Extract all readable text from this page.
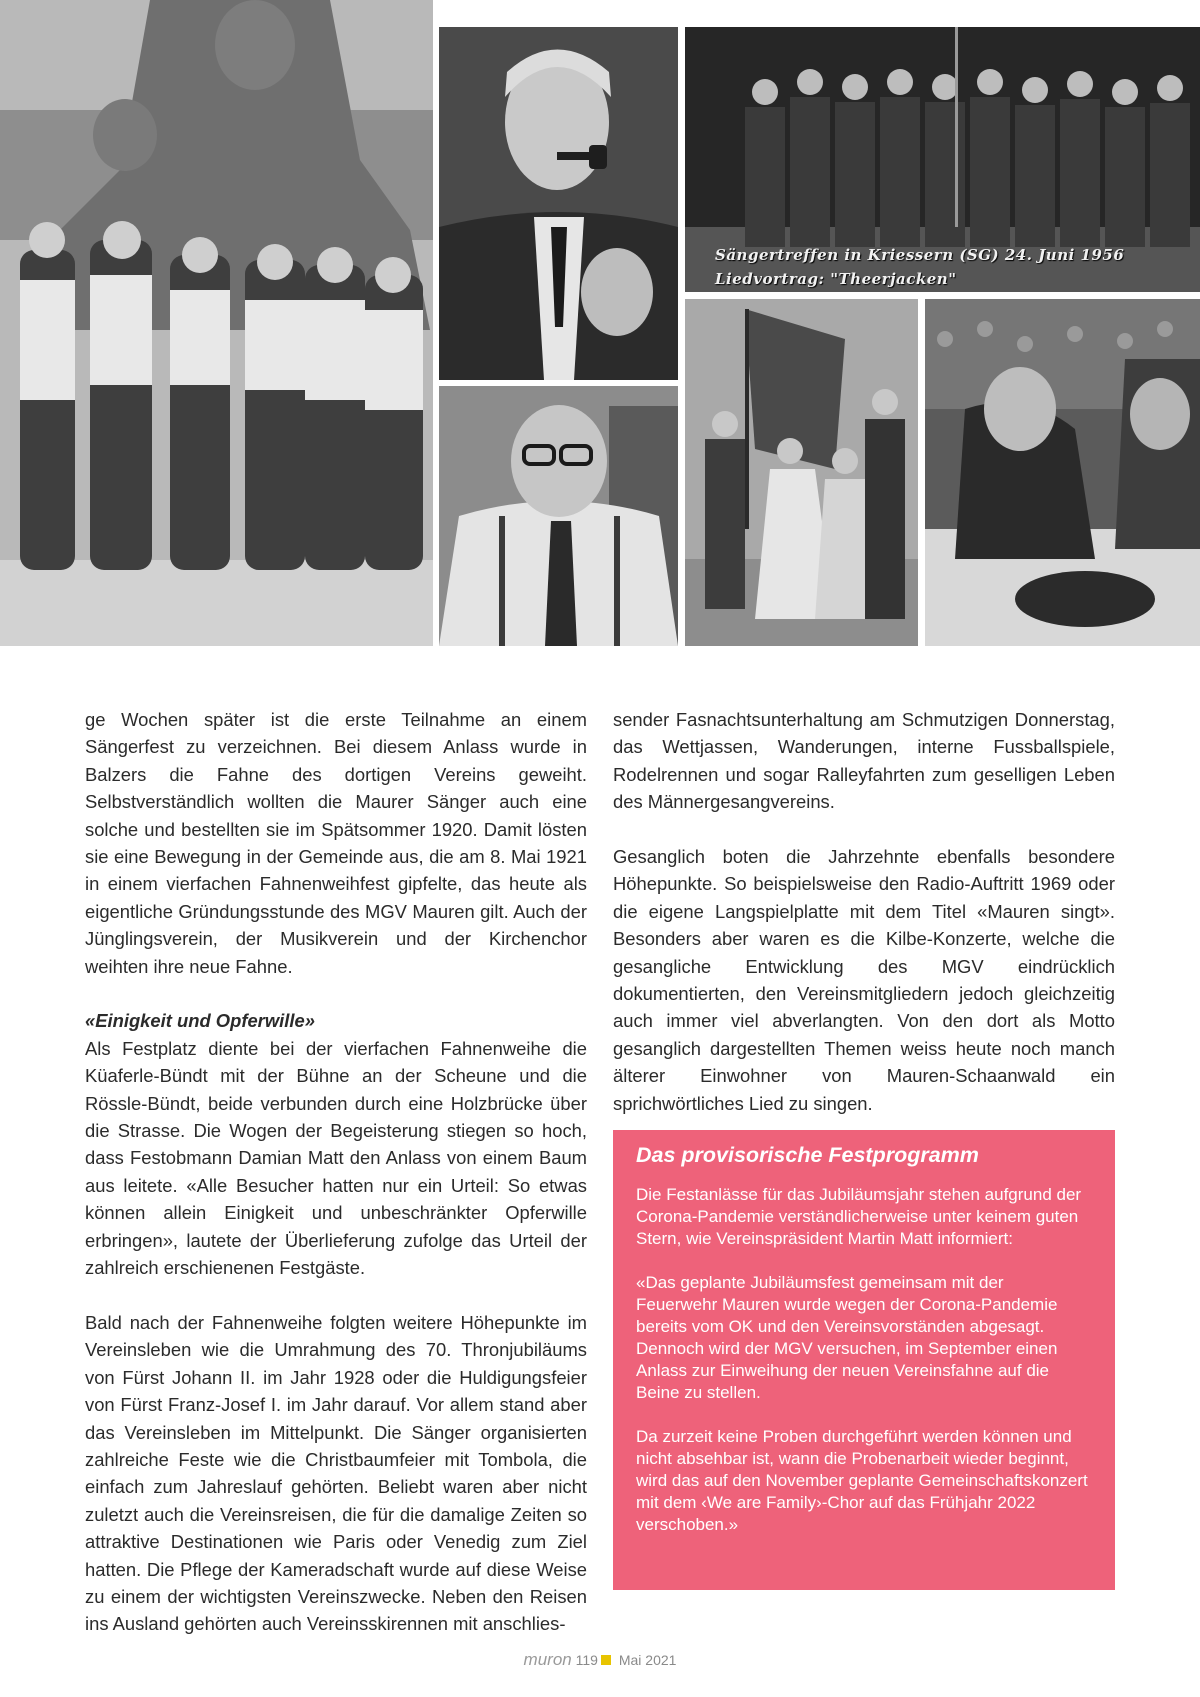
Sängertreffen in Kriessern (SG) 24. Juni 1956
Liedvortrag: "Theerjacken"

ge Wochen später ist die erste Teilnahme an einem Sängerfest zu verzeichnen. Bei diesem Anlass wurde in Balzers die Fahne des dortigen Vereins geweiht. Selbstverständlich wollten die Maurer Sänger auch eine solche und bestellten sie im Spätsommer 1920. Damit lösten sie eine Bewegung in der Gemeinde aus, die am 8. Mai 1921 in einem vierfachen Fahnenweihfest gipfelte, das heute als eigentliche Gründungsstunde des MGV Mauren gilt. Auch der Jünglingsverein, der Musikverein und der Kirchenchor weihten ihre neue Fahne.

«Einigkeit und Opferwille»

Als Festplatz diente bei der vierfachen Fahnenweihe die Küaferle-Bündt mit der Bühne an der Scheune und die Rössle-Bündt, beide verbunden durch eine Holzbrücke über die Strasse. Die Wogen der Begeisterung stiegen so hoch, dass Festobmann Damian Matt den Anlass von einem Baum aus leitete. «Alle Besucher hatten nur ein Urteil: So etwas können allein Einigkeit und unbeschränkter Opferwille erbringen», lautete der Überlieferung zufolge das Urteil der zahlreich erschienenen Festgäste.

Bald nach der Fahnenweihe folgten weitere Höhepunkte im Vereinsleben wie die Umrahmung des 70. Thronjubiläums von Fürst Johann II. im Jahr 1928 oder die Huldigungsfeier von Fürst Franz-Josef I. im Jahr darauf. Vor allem stand aber das Vereinsleben im Mittelpunkt. Die Sänger organisierten zahlreiche Feste wie die Christbaumfeier mit Tombola, die einfach zum Jahreslauf gehörten. Beliebt waren aber nicht zuletzt auch die Vereinsreisen, die für die damalige Zeiten so attraktive Destinationen wie Paris oder Venedig zum Ziel hatten. Die Pflege der Kameradschaft wurde auf diese Weise zu einem der wichtigsten Vereinszwecke. Neben den Reisen ins Ausland gehörten auch Vereinsskirennen mit anschlies-

sender Fasnachtsunterhaltung am Schmutzigen Donnerstag, das Wettjassen, Wanderungen, interne Fussballspiele, Rodelrennen und sogar Ralleyfahrten zum geselligen Leben des Männergesangvereins.

Gesanglich boten die Jahrzehnte ebenfalls besondere Höhepunkte. So beispielsweise den Radio-Auftritt 1969 oder die eigene Langspielplatte mit dem Titel «Mauren singt». Besonders aber waren es die Kilbe-Konzerte, welche die gesangliche Entwicklung des MGV eindrücklich dokumentierten, den Vereinsmitgliedern jedoch gleichzeitig auch immer viel abverlangten. Von den dort als Motto gesanglich dargestellten Themen weiss heute noch manch älterer Einwohner von Mauren-Schaanwald ein sprichwörtliches Lied zu singen.

Das provisorische Festprogramm

Die Festanlässe für das Jubiläumsjahr stehen aufgrund der Corona-Pandemie verständlicherweise unter keinem guten Stern, wie Vereinspräsident Martin Matt informiert:

«Das geplante Jubiläumsfest gemeinsam mit der Feuerwehr Mauren wurde wegen der Corona-Pandemie bereits vom OK und den Vereinsvorständen abgesagt. Dennoch wird der MGV versuchen, im September einen Anlass zur Einweihung der neuen Vereinsfahne auf die Beine zu stellen.

Da zurzeit keine Proben durchgeführt werden können und nicht absehbar ist, wann die Probenarbeit wieder beginnt, wird das auf den November geplante Gemeinschaftskonzert mit dem ‹We are Family›-Chor auf das Frühjahr 2022 verschoben.»

muron 119 Mai 2021
